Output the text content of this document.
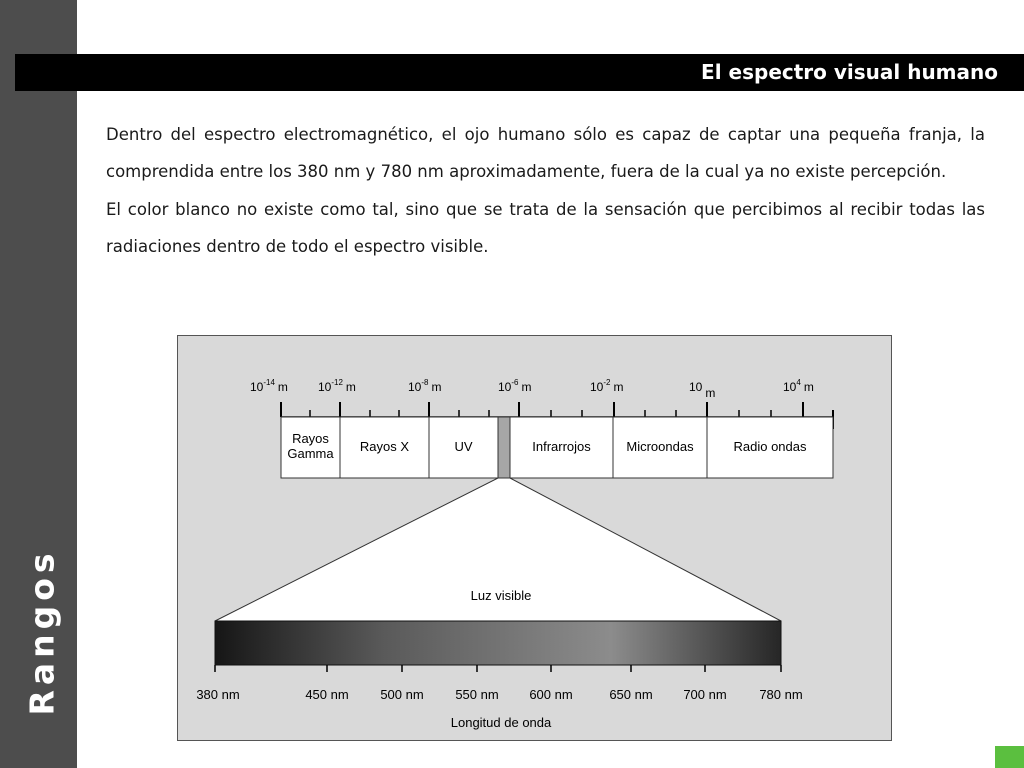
Rangos
El espectro visual humano

Dentro del espectro electromagnético, el ojo humano sólo es capaz de captar una pequeña franja, la comprendida entre los 380 nm y 780 nm aproximadamente, fuera de la cual ya no existe percepción.

El color blanco no existe como tal, sino que se trata de la sensación que percibimos al recibir todas las radiaciones dentro de todo el espectro visible.

$10^{-14}$ m	$10^{-12}$ m	$10^{-8}$ m	$10^{-6}$ m	$10^{-2}$ m	10 m	$10^4$ m
Rayos
Gamma Rayos X	UV	Infrarrojos	Microondas	Radio ondas
Luz visible
380 nm	450 nm 500 nm 550 nm 600 nm	650 nm 700 nm	780 nm
Longitud de onda
